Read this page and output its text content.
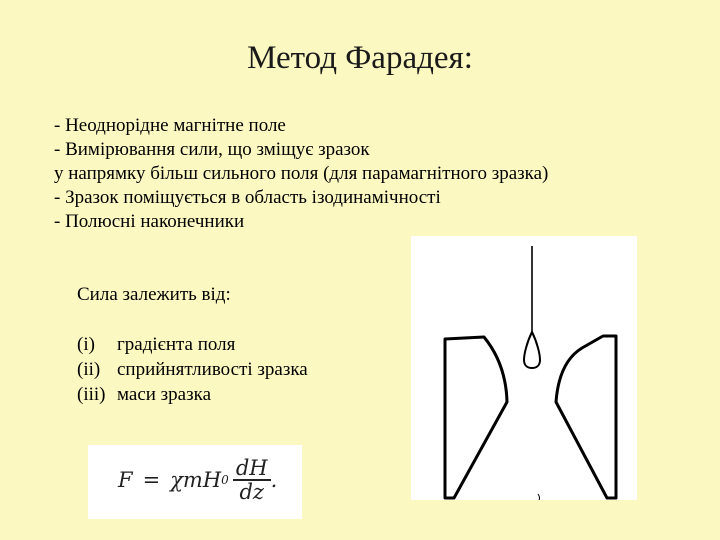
Метод Фарадея:
- Неоднорідне магнітне поле
- Вимірювання сили, що зміщує зразок
у напрямку більш сильного поля (для парамагнітного зразка)
- Зразок поміщується в область ізодинамічності
- Полюсні наконечники
Сила залежить від:
(i) градієнта поля
(ii) сприйнятливості зразка
(iii) маси зразка
F = χ m H $0 \frac{dH}{dz}$ .
